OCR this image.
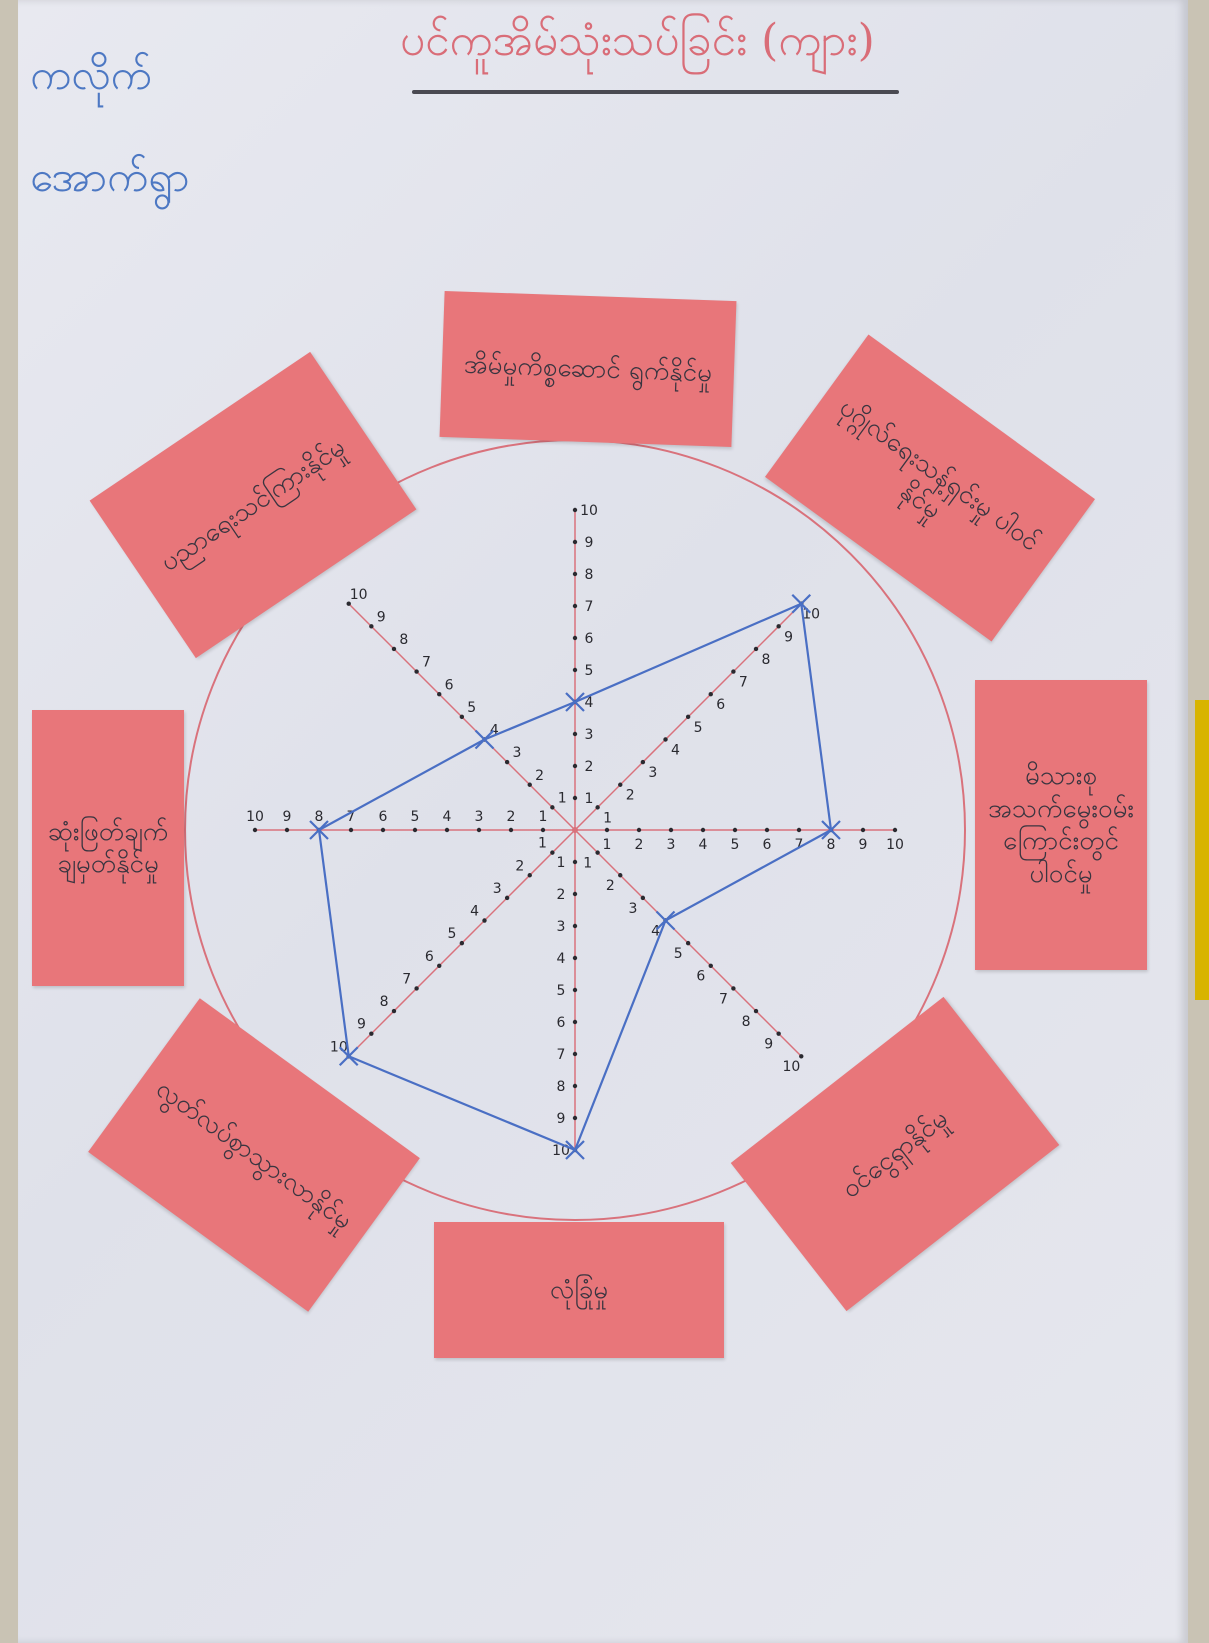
ပင်ကူအိမ်သုံးသပ်ခြင်း (ကျား)
ကလိုက်
အောက်ရွာ
1
2
3
4
5
6
7
8
9
10
1
2
3
4
5
6
7
8
9
10
1 2 3 4 5 6 7 8 9 10
1
2
3
4
5
6
7
8
9
10
1
2
3
4
5
6
7
8
9
10
1
2
3
4
5
6
7
8
9
10
1
2
3
4
5
6
7
8
9
10
1
2
3
4
5
6
7
8
9
10
အိမ်မှုကိစ္စဆောင် ရွက်နိုင်မှု
ပုဂ္ဂိုလ်ရေးသန့်ရှင်းမှု ပါဝင်နိုင်မှု
မိသားစုအသက်မွေးဝမ်းကြောင်းတွင် ပါဝင်မှု
ဝင်ငွေရှာနိုင်မှု
လုံခြုံမှု
လွတ်လပ်စွာသွားလာနိုင်မှု
ဆုံးဖြတ်ချက်ချမှတ်နိုင်မှု
ပညာရေးသင်ကြားနိုင်မှု
